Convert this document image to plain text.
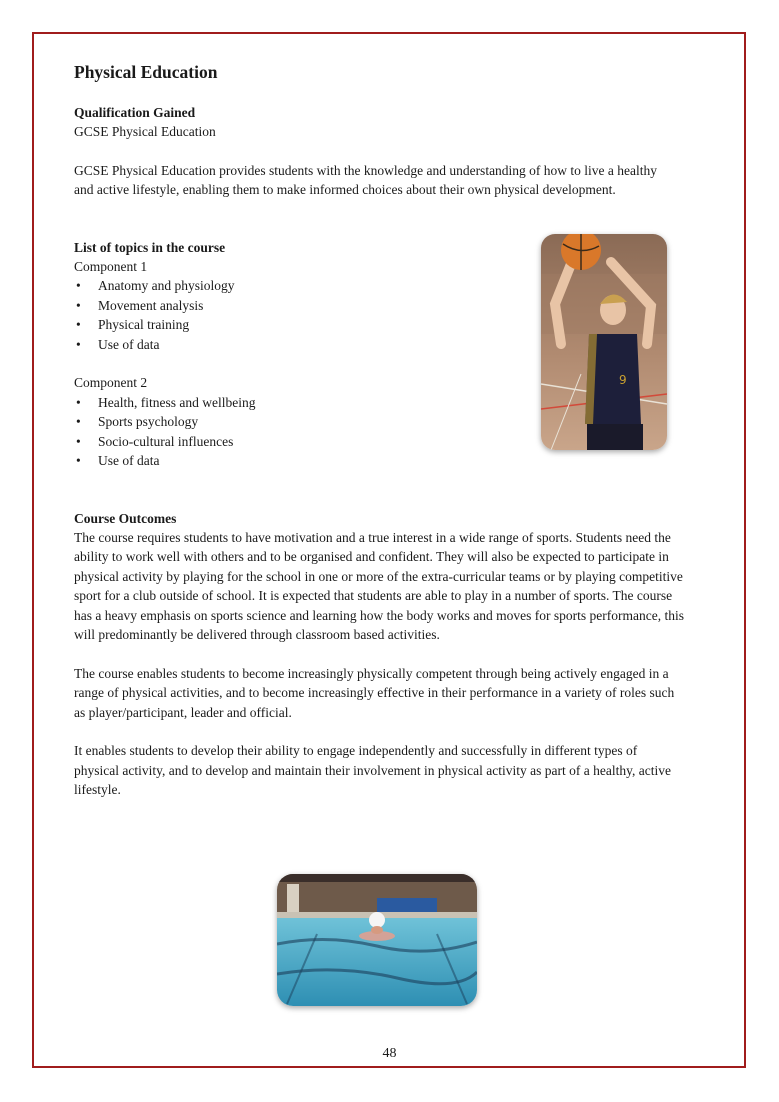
Physical Education
Qualification Gained

GCSE Physical Education

GCSE Physical Education provides students with the knowledge and understanding of how to live a healthy and active lifestyle, enabling them to make informed choices about their own physical development.

List of topics in the course

Component 1

• Anatomy and physiology
• Movement analysis
• Physical training
• Use of data

Component 2

• Health, fitness and wellbeing
• Sports psychology
• Socio-cultural influences
• Use of data
Course Outcomes

The course requires students to have motivation and a true interest in a wide range of sports. Students need the ability to work well with others and to be organised and confident. They will also be expected to participate in physical activity by playing for the school in one or more of the extra-curricular teams or by playing competitive sport for a club outside of school. It is expected that students are able to play in a number of sports. The course has a heavy emphasis on sports science and learning how the body works and moves for sports performance, this will predominantly be delivered through classroom based activities.

The course enables students to become increasingly physically competent through being actively engaged in a range of physical activities, and to become increasingly effective in their performance in a variety of roles such as player/participant, leader and official.

It enables students to develop their ability to engage independently and successfully in different types of physical activity, and to develop and maintain their involvement in physical activity as part of a healthy, active lifestyle.

9
48
